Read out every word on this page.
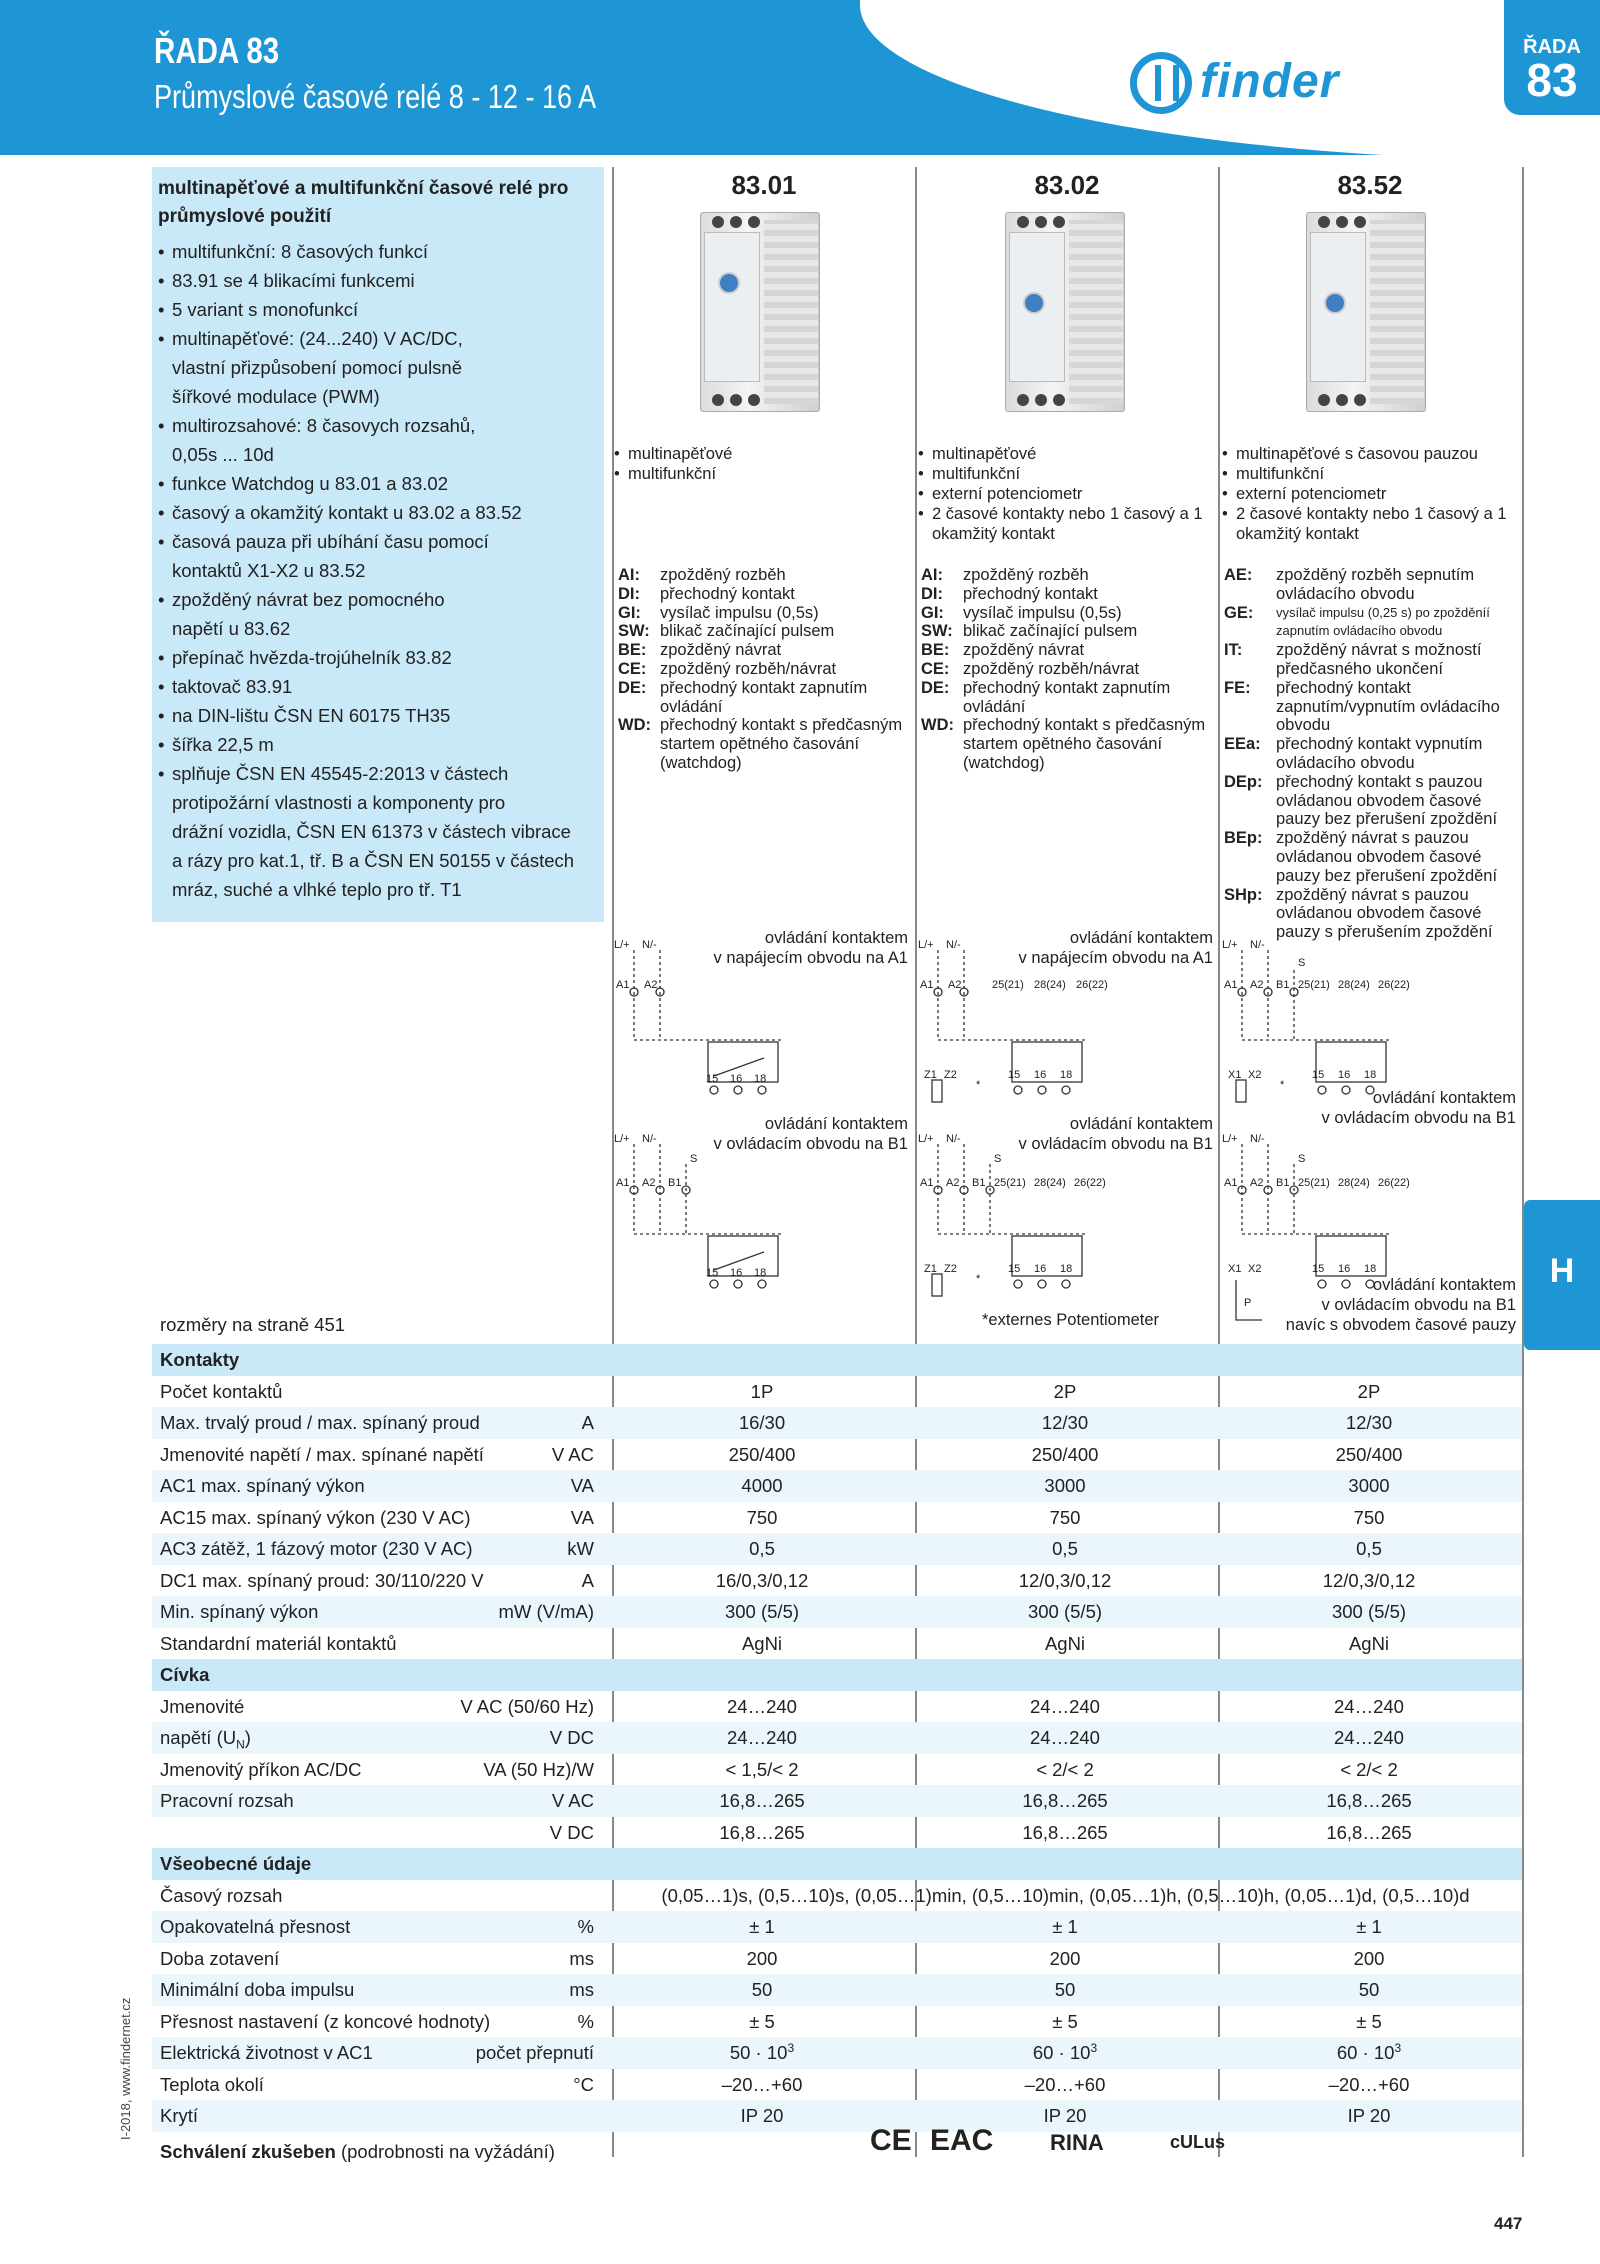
ŘADA 83
Průmyslové časové relé 8 - 12 - 16 A	finder
ŘADA
83
H
multinapěťové a multifunkční časové relé pro průmyslové použití
• multifunkční: 8 časových funkcí
• 83.91 se 4 blikacími funkcemi
• 5 variant s monofunkcí
• multinapěťové: (24...240) V AC/DC,
vlastní přizpůsobení pomocí pulsně
šířkové modulace (PWM)
• multirozsahové: 8 časovych rozsahů,
0,05s ... 10d
• funkce Watchdog u 83.01 a 83.02
• časový a okamžitý kontakt u 83.02 a 83.52
• časová pauza při ubíhání času pomocí
kontaktů X1-X2 u 83.52
• zpožděný návrat bez pomocného
napětí u 83.62
• přepínač hvězda-trojúhelník 83.82
• taktovač 83.91
• na DIN-lištu ČSN EN 60175 TH35
• šířka 22,5 m
• splňuje ČSN EN 45545-2:2013 v částech
protipožární vlastnosti a komponenty pro
drážní vozidla, ČSN EN 61373 v částech vibrace
a rázy pro kat.1, tř. B a ČSN EN 50155 v částech
mráz, suché a vlhké teplo pro tř. T1
83.01	83.02	83.52
• multinapěťové
• multifunkční
• multinapěťové
• multifunkční
• externí potenciometr
• 2 časové kontakty nebo 1 časový a 1 okamžitý kontakt
• multinapěťové s časovou pauzou
• multifunkční
• externí potenciometr
• 2 časové kontakty nebo 1 časový a 1 okamžitý kontakt
AI:	zpožděný rozběh
DI:	přechodný kontakt
GI:	vysílač impulsu (0,5s)
SW: blikač začínající pulsem
BE: zpožděný návrat
CE: zpožděný rozběh/návrat
DE: přechodný kontakt zapnutím ovládání
WD: přechodný kontakt s předčasným startem opětného časování (watchdog)
AI:	zpožděný rozběh
DI:	přechodný kontakt
GI:	vysílač impulsu (0,5s)
SW: blikač začínající pulsem
BE: zpožděný návrat
CE: zpožděný rozběh/návrat
DE: přechodný kontakt zapnutím ovládání
WD: přechodný kontakt s předčasným startem opětného časování (watchdog)
AE:	zpožděný rozběh sepnutím ovládacího obvodu
GE:	vysílač impulsu (0,25 s) po zpožděníí zapnutím ovládacího obvodu
IT:	zpožděný návrat s možností předčasného ukončení
FE:	přechodný kontakt zapnutím/vypnutím ovládacího obvodu
EEa: přechodný kontakt vypnutím ovládacího obvodu
DEp: přechodný kontakt s pauzou ovládanou obvodem časové pauzy bez přerušení zpoždění
BEp: zpožděný návrat s pauzou ovládanou obvodem časové pauzy bez přerušení zpoždění
SHp: zpožděný návrat s pauzou ovládanou obvodem časové pauzy s přerušením zpoždění
ovládání kontaktem
v napájecím obvodu na A1
ovládání kontaktem
v napájecím obvodu na A1
ovládání kontaktem
v ovládacím obvodu na B1
ovládání kontaktem
v ovládacím obvodu na B1
ovládání kontaktem
v ovládacím obvodu na B1
ovládání kontaktem
v ovládacím obvodu na B1
navíc s obvodem časové pauzy
*externes Potentiometer
L/+ N/-
A1 A2
15 16 18
L/+ N/-
S
A1 A2 B1
15 16 18
L/+ N/-
A1 A2	25(21) 28(24) 26(22)
Z1 Z2
*
15 16 18
L/+ N/-
S
A1 A2 B1 25(21) 28(24) 26(22)
Z1 Z2
*
15 16 18
L/+ N/-
S
A1 A2 B1 25(21) 28(24) 26(22)
X1 X2
*
15 16 18
L/+ N/-
S
A1 A2 B1 25(21) 28(24) 26(22)
X1 X2
P
15 16 18
rozměry na straně 451
Kontakty
Počet kontaktů	1P	2P	2P
Max. trvalý proud / max. spínaný proud	A	16/30	12/30	12/30
Jmenovité napětí / max. spínané napětí	V AC	250/400	250/400	250/400
AC1 max. spínaný výkon	VA	4000	3000	3000
AC15 max. spínaný výkon (230 V AC)	VA	750	750	750
AC3 zátěž, 1 fázový motor (230 V AC)	kW	0,5	0,5	0,5
DC1 max. spínaný proud: 30/110/220 V	A	16/0,3/0,12	12/0,3/0,12	12/0,3/0,12
Min. spínaný výkon	mW (V/mA)	300 (5/5)	300 (5/5)	300 (5/5)
Standardní materiál kontaktů	AgNi	AgNi	AgNi
Cívka
Jmenovité	V AC (50/60 Hz)	24…240	24…240	24…240
napětí $(U_N)$	V DC	24…240	24…240	24…240
Jmenovitý příkon AC/DC	VA (50 Hz)/W	< 1,5/< 2	< 2/< 2	< 2/< 2
Pracovní rozsah	V AC	16,8…265	16,8…265	16,8…265
V DC	16,8…265	16,8…265	16,8…265
Všeobecné údaje
Časový rozsah	(0,05…1)s, (0,5…10)s, (0,05…1)min, (0,5…10)min, (0,05…1)h, (0,5…10)h, (0,05…1)d, (0,5…10)d
Opakovatelná přesnost	%	± 1	± 1	± 1
Doba zotavení	ms	200	200	200
Minimální doba impulsu	ms	50	50	50
Přesnost nastavení (z koncové hodnoty)	%	± 5	± 5	± 5
Elektrická životnost v AC1	počet přepnutí	$50 \cdot 10^3$	$60 \cdot 10^3$	$60 \cdot 10^3$
Teplota okolí	°C	–20…+60	–20…+60	–20…+60
Krytí	IP 20	IP 20	IP 20
Schválení zkušeben (podrobnosti na vyžádání)	CE EAC	RINA	cULus
I-2018, www.findernet.cz
447
